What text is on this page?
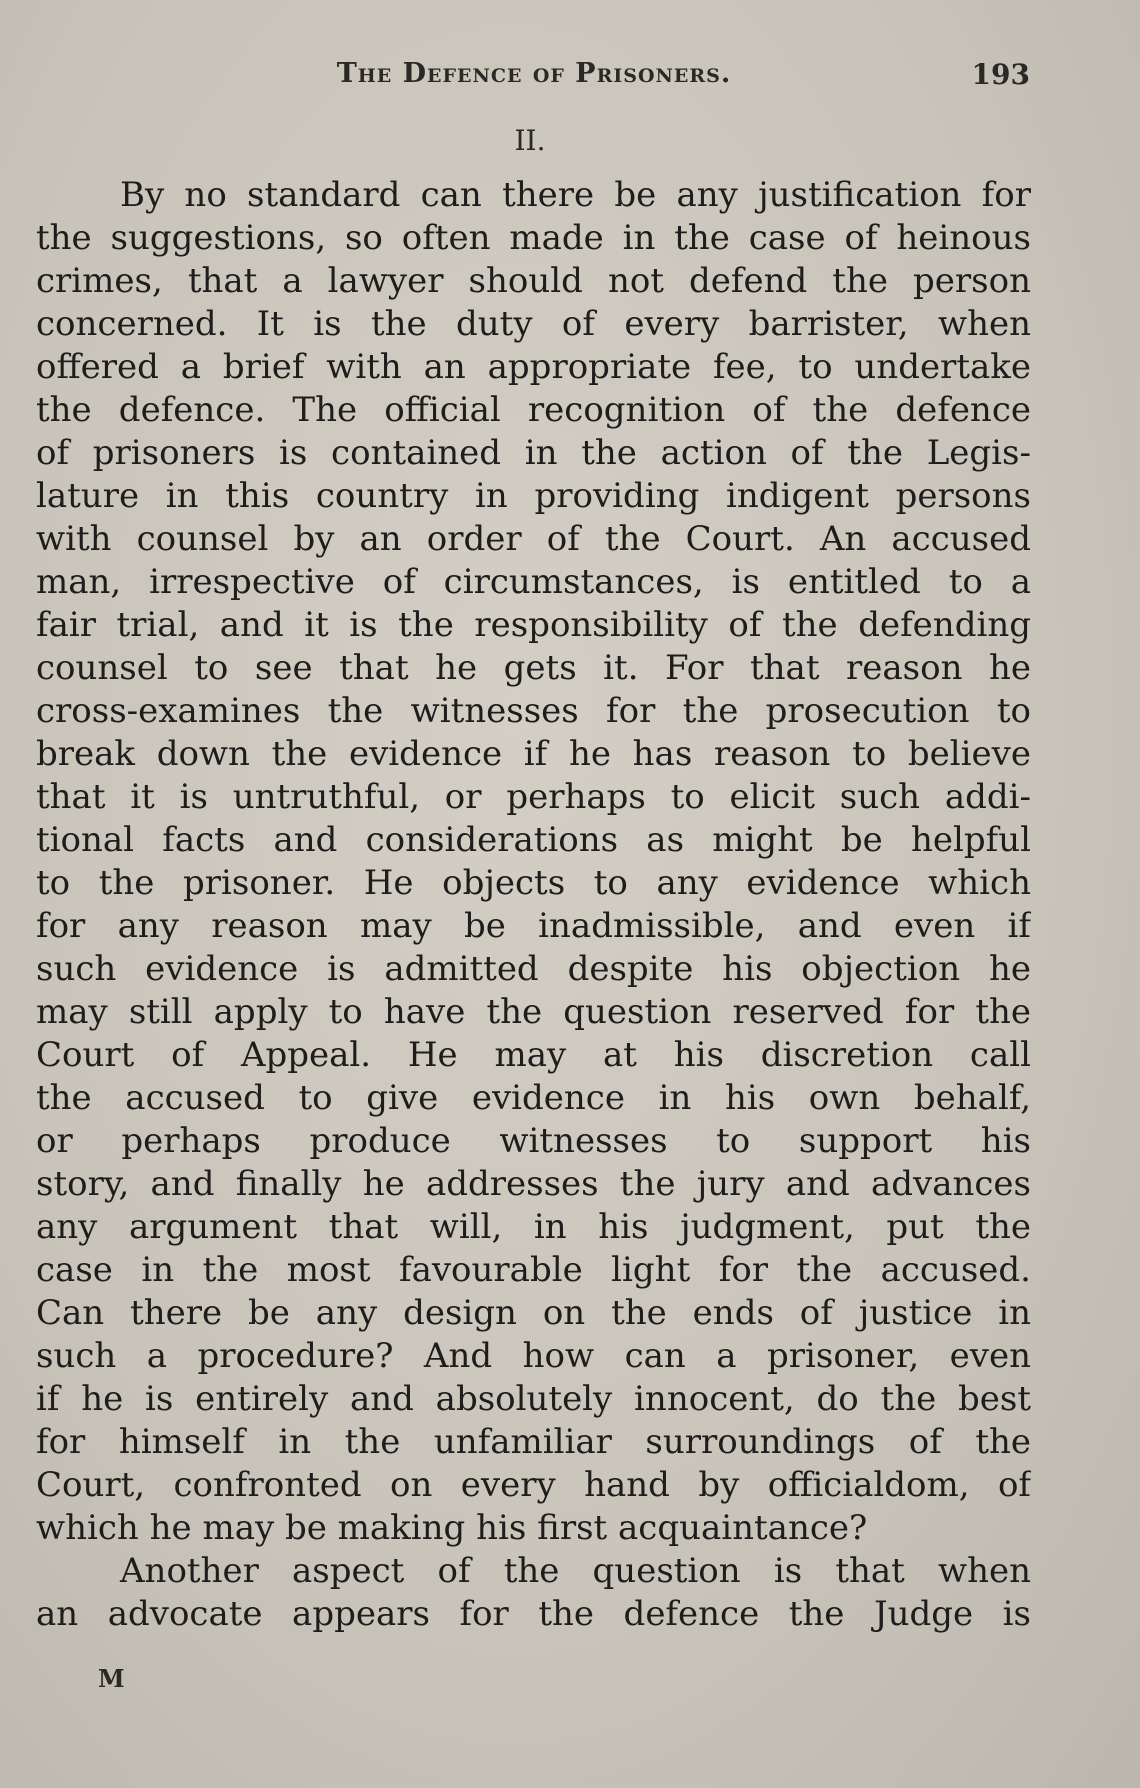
The Defence of Prisoners.	193
II.
By no standard can there be any justification for
the suggestions, so often made in the case of heinous
crimes, that a lawyer should not defend the person
concerned. It is the duty of every barrister, when
offered a brief with an appropriate fee, to undertake
the defence. The official recognition of the defence
of prisoners is contained in the action of the Legis-
lature in this country in providing indigent persons
with counsel by an order of the Court. An accused
man, irrespective of circumstances, is entitled to a
fair trial, and it is the responsibility of the defending
counsel to see that he gets it. For that reason he
cross-examines the witnesses for the prosecution to
break down the evidence if he has reason to believe
that it is untruthful, or perhaps to elicit such addi-
tional facts and considerations as might be helpful
to the prisoner. He objects to any evidence which
for any reason may be inadmissible, and even if
such evidence is admitted despite his objection he
may still apply to have the question reserved for the
Court of Appeal. He may at his discretion call
the accused to give evidence in his own behalf,
or perhaps produce witnesses to support his
story, and finally he addresses the jury and advances
any argument that will, in his judgment, put the
case in the most favourable light for the accused.
Can there be any design on the ends of justice in
such a procedure? And how can a prisoner, even
if he is entirely and absolutely innocent, do the best
for himself in the unfamiliar surroundings of the
Court, confronted on every hand by officialdom, of
which he may be making his first acquaintance?
Another aspect of the question is that when
an advocate appears for the defence the Judge is
M
